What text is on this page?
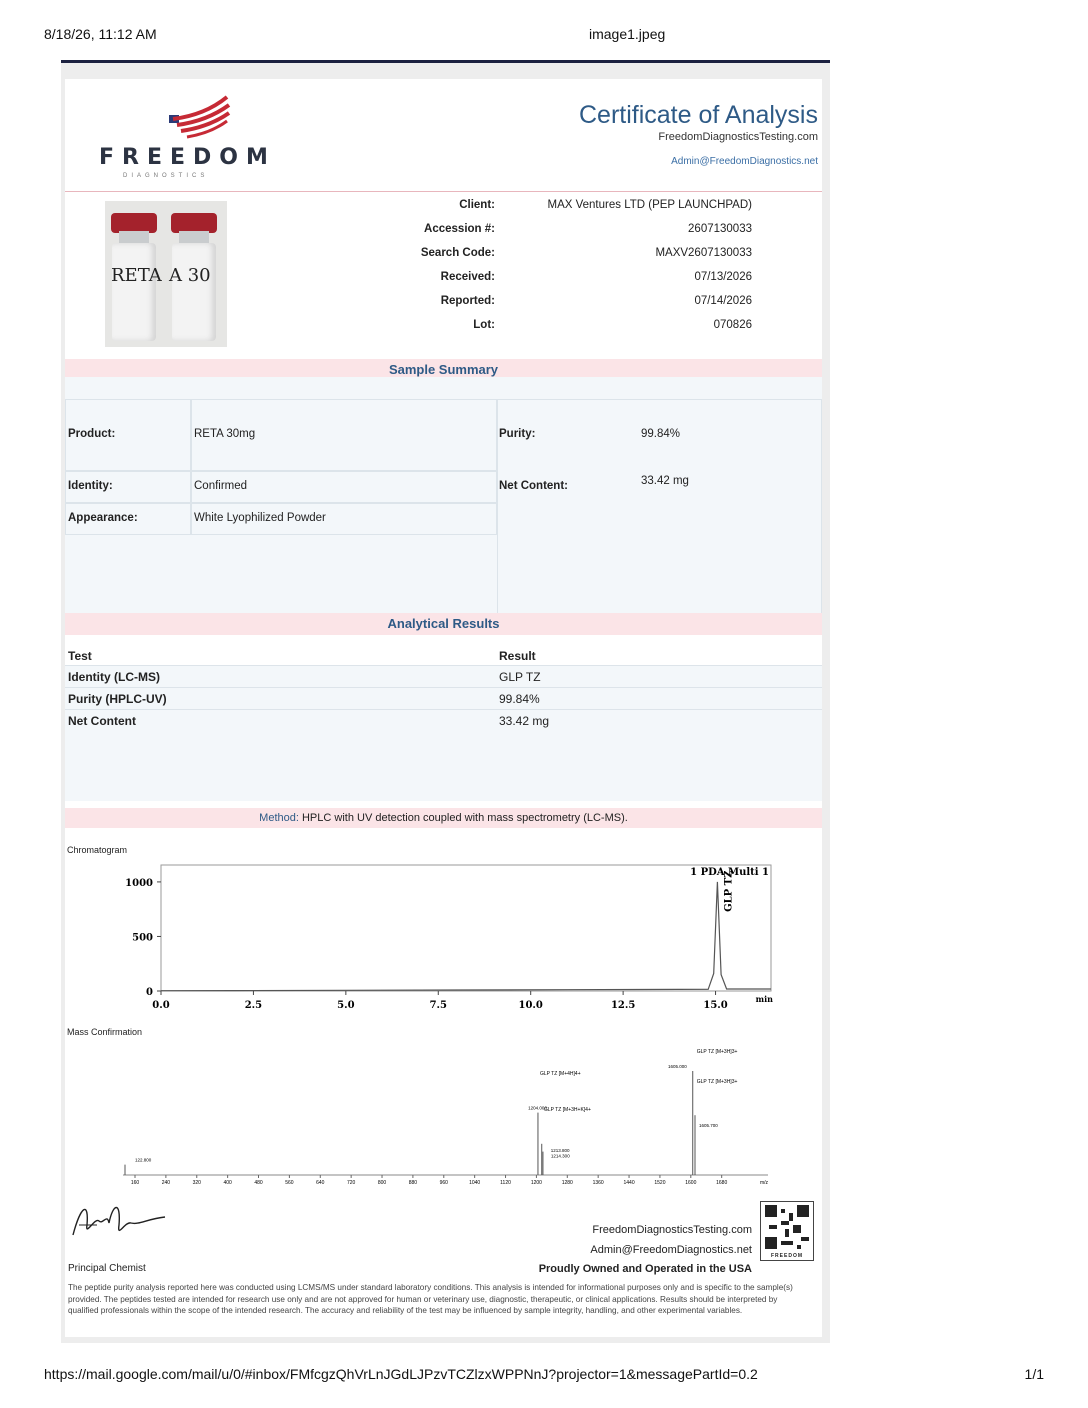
8/18/26, 11:12 AM	image1.jpeg
FREEDOM
DIAGNOSTICS
Certificate of Analysis
FreedomDiagnosticsTesting.com
Admin@FreedomDiagnostics.net
RETA A 30
Client:	MAX Ventures LTD (PEP LAUNCHPAD)
Accession #:	2607130033
Search Code:	MAXV2607130033
Received:	07/13/2026
Reported:	07/14/2026
Lot:	070826
Sample Summary
Product:	RETA 30mg
Identity:	Confirmed
Appearance:	White Lyophilized Powder
Purity:	99.84%
Net Content:	33.42 mg
Analytical Results
Test	Result
Identity (LC-MS)	GLP TZ
Purity (HPLC-UV)	99.84%
Net Content	33.42 mg
Method: HPLC with UV detection coupled with mass spectrometry (LC-MS).
Chromatogram
0.0	2.5	5.0	7.5	10.0	12.5	15.0
0
500
1000
min
1 PDA Multi 1
GLP TZ
Mass Confirmation
160	240	320	400	480	560	640	720	800	880	960	1040	1120	1200	1280	1360	1440	1520	1600	1680	m/z
122.800
1204.000
1213.800
1214.300
1605.000
1605.700
GLP TZ [M+3H]3+
GLP TZ [M+4H]4+
GLP TZ [M+3H+K]4+
GLP TZ [M+3H]3+
Principal Chemist
FreedomDiagnosticsTesting.com
Admin@FreedomDiagnostics.net
Proudly Owned and Operated in the USA
FREEDOM
The peptide purity analysis reported here was conducted using LCMS/MS under standard laboratory conditions. This analysis is intended for informational purposes only and is specific to the sample(s) provided. The peptides tested are intended for research use only and are not approved for human or veterinary use, diagnostic, therapeutic, or clinical applications. Results should be interpreted by qualified professionals within the scope of the intended research. The accuracy and reliability of the test may be influenced by sample integrity, handling, and other experimental variables.
https://mail.google.com/mail/u/0/#inbox/FMfcgzQhVrLnJGdLJPzvTCZlzxWPPNnJ?projector=1&messagePartId=0.2	1/1
